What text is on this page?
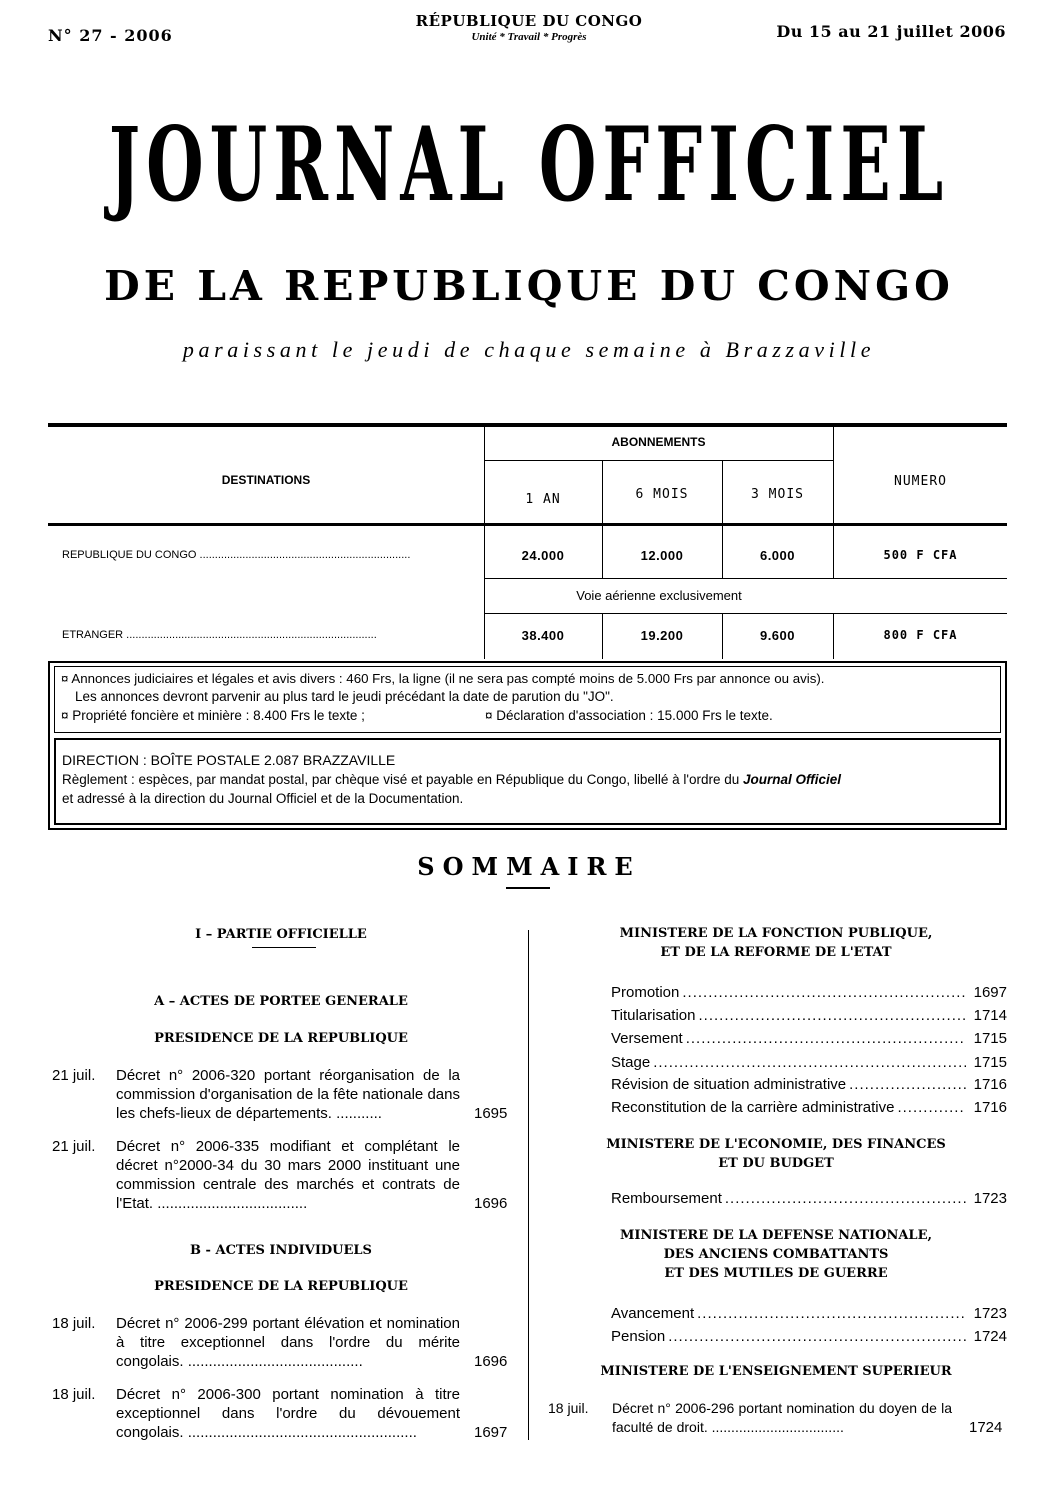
N° 27 - 2006
RÉPUBLIQUE DU CONGO
Unité * Travail * Progrès	Du 15 au 21 juillet 2006
JOURNAL OFFICIEL
DE LA REPUBLIQUE DU CONGO
paraissant le jeudi de chaque semaine à Brazzaville
DESTINATIONS
ABONNEMENTS
NUMERO
1 AN	6 MOIS	3 MOIS
REPUBLIQUE DU CONGO .....................................................................	24.000	12.000	6.000	500 F CFA
Voie aérienne exclusivement
ETRANGER ..................................................................................	38.400	19.200	9.600	800 F CFA
¤ Annonces judiciaires et légales et avis divers : 460 Frs, la ligne (il ne sera pas compté moins de 5.000 Frs par annonce ou avis).
Les annonces devront parvenir au plus tard le jeudi précédant la date de parution du "JO".
¤ Propriété foncière et minière : 8.400 Frs le texte ;	¤ Déclaration d'association : 15.000 Frs le texte.
DIRECTION : BOÎTE POSTALE 2.087 BRAZZAVILLE
Règlement : espèces, par mandat postal, par chèque visé et payable en République du Congo, libellé à l'ordre du Journal Officiel
et adressé à la direction du Journal Officiel et de la Documentation.
SOMMAIRE
I – PARTIE OFFICIELLE
A – ACTES DE PORTEE GENERALE
PRESIDENCE DE LA REPUBLIQUE
21 juil. Décret n° 2006-320 portant réorganisation de la commission d'organisation de la fête nationale dans les chefs-lieux de départements. ...........	1695
21 juil. Décret n° 2006-335 modifiant et complétant le décret n°2000-34 du 30 mars 2000 instituant une commission centrale des marchés et contrats de l'Etat. ....................................	1696
B - ACTES INDIVIDUELS
PRESIDENCE DE LA REPUBLIQUE
18 juil. Décret n° 2006-299 portant élévation et nomination à titre exceptionnel dans l'ordre du mérite congolais. ..........................................	1696
18 juil. Décret n° 2006-300 portant nomination à titre exceptionnel dans l'ordre du dévouement congolais. .......................................................	1697
MINISTERE DE LA FONCTION PUBLIQUE,
ET DE LA REFORME DE L'ETAT
Promotion .....	1697
Titularisation .....	1714
Versement .....	1715
Stage .....	1715
Révision de situation administrative .....	1716
Reconstitution de la carrière administrative .....	1716
MINISTERE DE L'ECONOMIE, DES FINANCES
ET DU BUDGET
Remboursement .....	1723
MINISTERE DE LA DEFENSE NATIONALE,
DES ANCIENS COMBATTANTS
ET DES MUTILES DE GUERRE
Avancement .....	1723
Pension .....	1724
MINISTERE DE L'ENSEIGNEMENT SUPERIEUR
18 juil. Décret n° 2006-296 portant nomination du doyen de la faculté de droit. ..................................	1724
